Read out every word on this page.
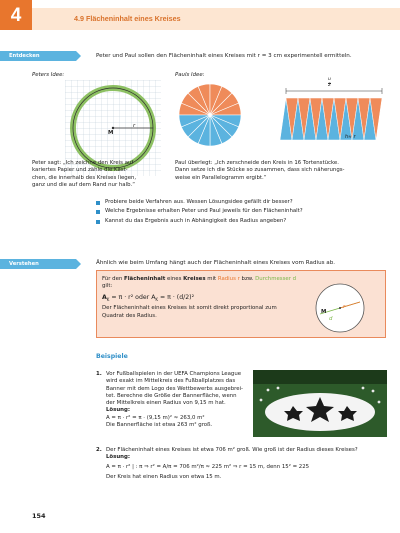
4	4.9 Flächeninhalt eines Kreises
Entdecken	Peter und Paul sollen den Flächeninhalt eines Kreises mit r = 3 cm experimentell ermitteln.
Peters Idee:
M
r
Peter sagt: „Ich zeichne den Kreis auf
kariertes Papier und zähle die Käst-
chen, die innerhalb des Kreises liegen,
ganz und die auf dem Rand nur halb.“
Pauls Idee:
u
2
h≈ r
Paul überlegt: „Ich zerschneide den Kreis in 16 Tortenstücke.
Dann setze ich die Stücke so zusammen, dass sich näherungs-
weise ein Parallelogramm ergibt.“
Probiere beide Verfahren aus. Wessen Lösungsidee gefällt dir besser?
Welche Ergebnisse erhalten Peter und Paul jeweils für den Flächeninhalt?
Kannst du das Ergebnis auch in Abhängigkeit des Radius angeben?
Verstehen	Ähnlich wie beim Umfang hängt auch der Flächeninhalt eines Kreises vom Radius ab.
Für den Flächeninhalt eines Kreises mit Radius r bzw. Durchmesser d
gilt:
$A_K = \pi \cdot r^2$ oder $A_K = \pi \cdot (d/2)^2$
Der Flächeninhalt eines Kreises ist somit direkt proportional zum
Quadrat des Radius.
M
r
d
Beispiele
1. Vor Fußballspielen in der UEFA Champions League
wird exakt im Mittelkreis des Fußballplatzes das
Banner mit dem Logo des Wettbewerbs ausgebrei-
tet. Berechne die Größe der Bannerfläche, wenn
der Mittelkreis einen Radius von 9,15 m hat.
Lösung:
A = π · r² = π · (9,15 m)² ≈ 263,0 m²
Die Bannerfläche ist etwa 263 m² groß.
2. Der Flächeninhalt eines Kreises ist etwa 706 m² groß. Wie groß ist der Radius dieses Kreises?
Lösung:
A = π · r² | : π ⇒ r² = A/π = 706 m²/π ≈ 225 m² ⇒ r = 15 m, denn 15² = 225
Der Kreis hat einen Radius von etwa 15 m.
154
